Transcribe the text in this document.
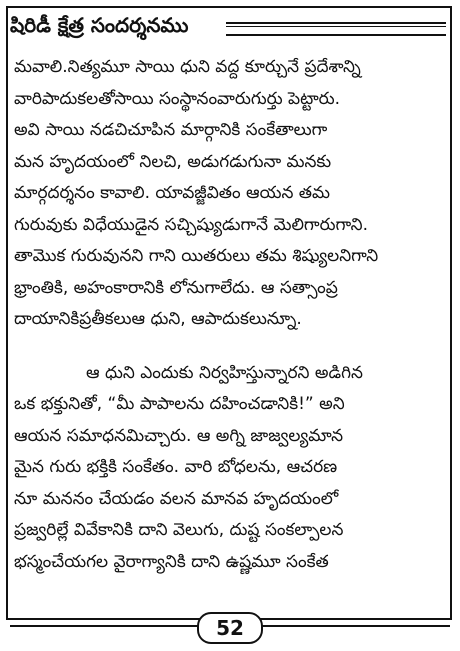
షిరిడీ క్షేత్ర సందర్శనము
మవాలి.నిత్యమూ సాయి ధుని వద్ద కూర్చునే ప్రదేశాన్ని
వారిపాదుకలతోసాయి సంస్థానంవారుగుర్తు పెట్టారు.
అవి సాయి నడచిచూపిన మార్గానికి సంకేతాలుగా
మన హృదయంలో నిలచి, అడుగడుగునా మనకు
మార్గదర్శనం కావాలి. యావజ్జీవితం ఆయన తమ
గురువుకు విధేయుడైన సచ్చిష్యుడుగానే మెలిగారుగాని.
తామొక గురువునని గాని యితరులు తమ శిష్యులనిగాని
భ్రాంతికి, అహంకారానికి లోనుగాలేదు. ఆ సత్సాంప్ర
దాయానికిప్రతీకలుఆ ధుని, ఆపాదుకలున్నూ.
ఆ ధుని ఎందుకు నిర్వహిస్తున్నారని అడిగిన
ఒక భక్తునితో, “మీ పాపాలను దహించడానికి!” అని
ఆయన సమాధనమిచ్చారు. ఆ అగ్ని జాజ్వల్యమాన
మైన గురు భక్తికి సంకేతం. వారి బోధలను, ఆచరణ
నూ మననం చేయడం వలన మానవ హృదయంలో
ప్రజ్వరిల్లే వివేకానికి దాని వెలుగు, దుష్ట సంకల్పాలన
భస్మంచేయగల వైరాగ్యానికి దాని ఉష్ణమూ సంకేత
52
